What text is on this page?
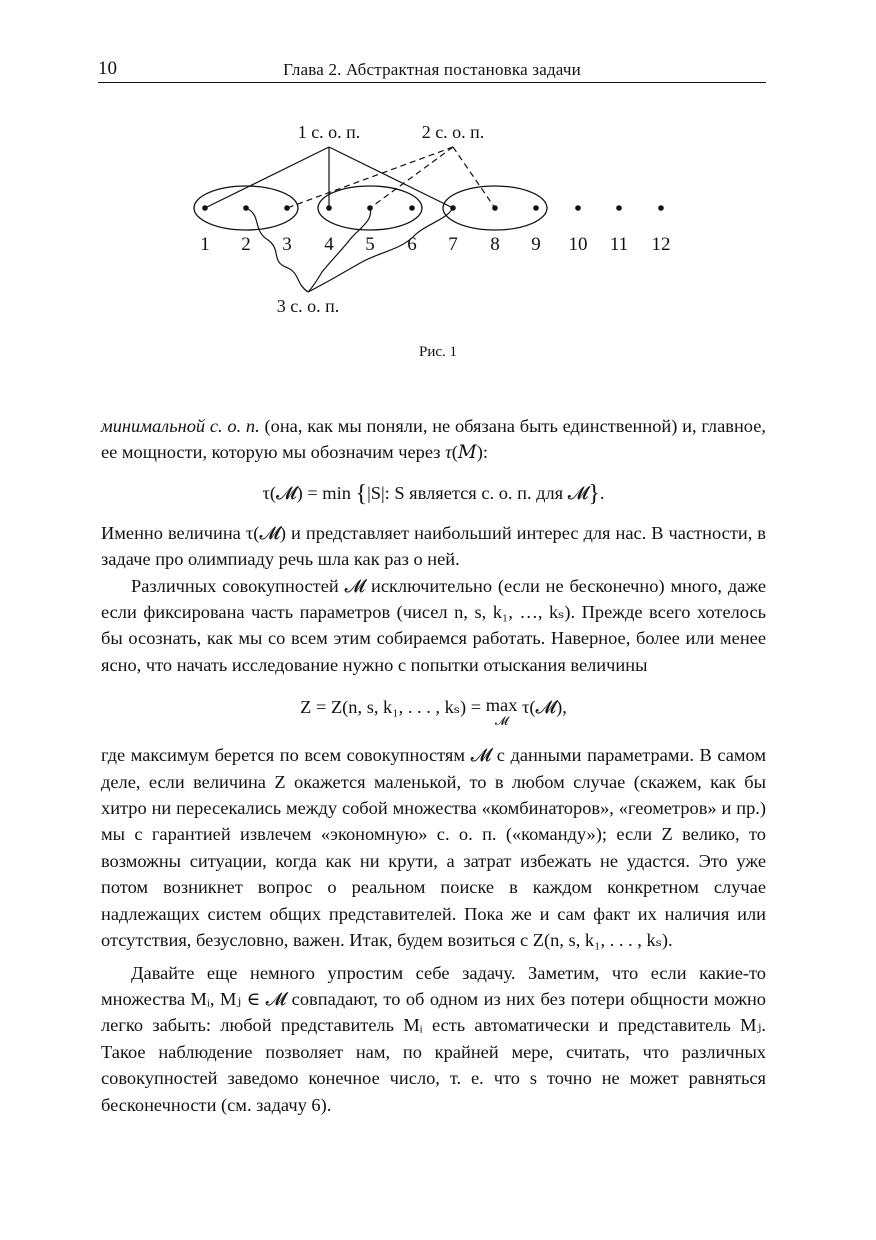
10	Глава 2. Абстрактная постановка задачи
1 2 3 4 5 6 7 8 9 10 11 12
1 с. о. п.	2 с. о. п.
3 с. о. п.
Рис. 1

минимальной с. о. п. (она, как мы поняли, не обязана быть единственной) и, главное, ее мощности, которую мы обозначим через τ(M):

τ(𝓜) = min {|S|: S является с. о. п. для 𝓜}.

Именно величина τ(𝓜) и представляет наибольший интерес для нас. В частности, в задаче про олимпиаду речь шла как раз о ней.

Различных совокупностей 𝓜 исключительно (если не бесконечно) много, даже если фиксирована часть параметров (чисел n, s, k₁, …, kₛ). Прежде всего хотелось бы осознать, как мы со всем этим собираемся работать. Наверное, более или менее ясно, что начать исследование нужно с попытки отыскания величины

Z = Z(n, s, k₁, . . . , kₛ) = max
𝓜
τ(𝓜),

где максимум берется по всем совокупностям 𝓜 с данными параметрами. В самом деле, если величина Z окажется маленькой, то в любом случае (скажем, как бы хитро ни пересекались между собой множества «комбинаторов», «геометров» и пр.) мы с гарантией извлечем «экономную» с. о. п. («команду»); если Z велико, то возможны ситуации, когда как ни крути, а затрат избежать не удастся. Это уже потом возникнет вопрос о реальном поиске в каждом конкретном случае надлежащих систем общих представителей. Пока же и сам факт их наличия или отсутствия, безусловно, важен. Итак, будем возиться с Z(n, s, k₁, . . . , kₛ).

Давайте еще немного упростим себе задачу. Заметим, что если какие-то множества Mᵢ, Mⱼ ∈ 𝓜 совпадают, то об одном из них без потери общности можно легко забыть: любой представитель Mᵢ есть автоматически и представитель Mⱼ. Такое наблюдение позволяет нам, по крайней мере, считать, что различных совокупностей заведомо конечное число, т. е. что s точно не может равняться бесконечности (см. задачу 6).
